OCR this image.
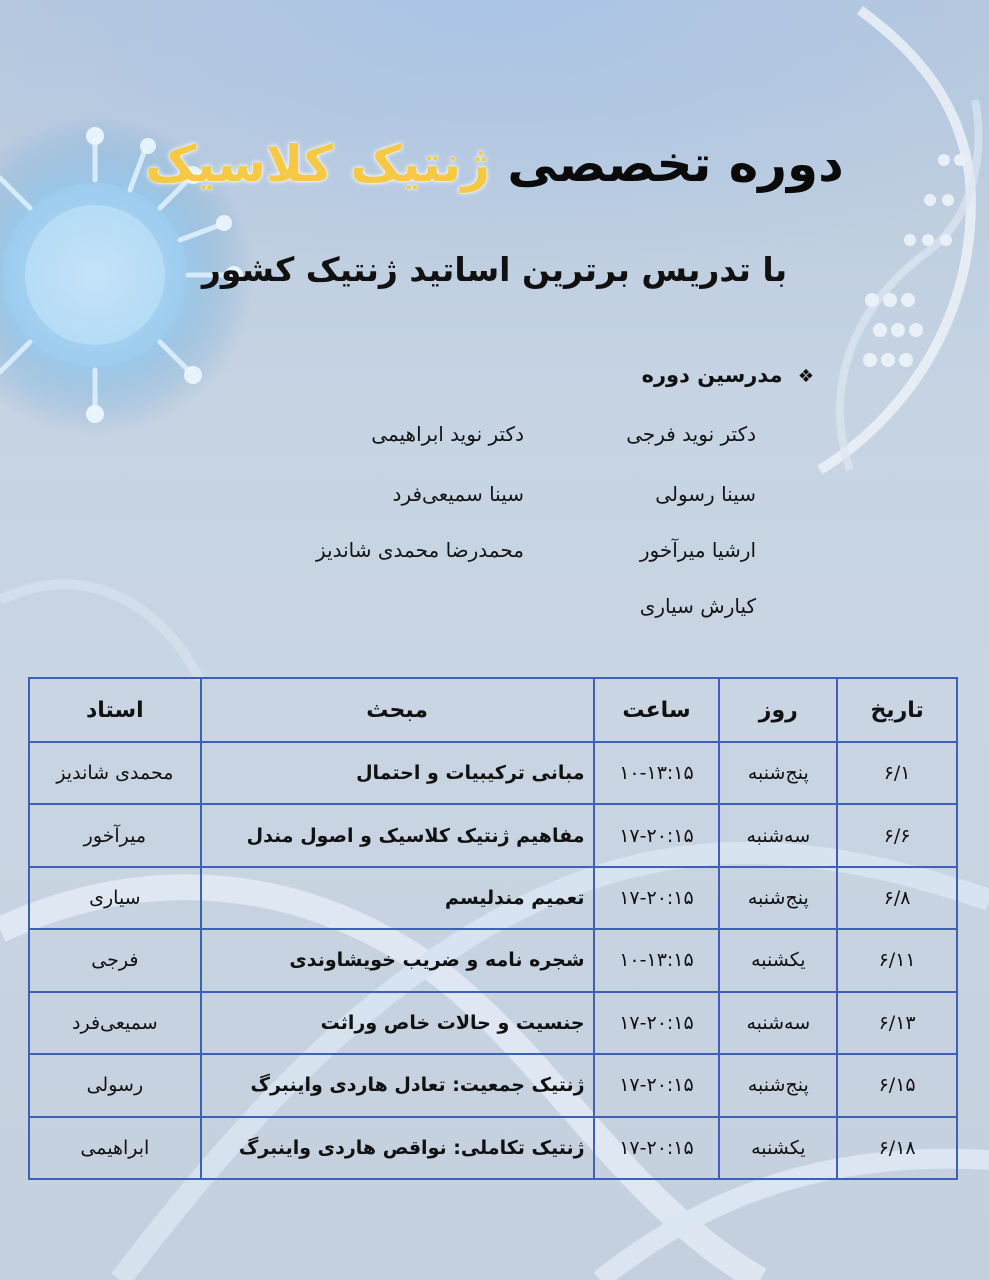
دوره تخصصی ژنتیک کلاسیک
با تدریس برترین اساتید ژنتیک کشور
❖ مدرسین دوره
دکتر نوید فرجی
سینا رسولی
ارشیا میرآخور
کیارش سیاری
دکتر نوید ابراهیمی
سینا سمیعی‌فرد
محمدرضا محمدی شاندیز
تاریخ	روز	ساعت	مبحث	استاد
۶/۱	پنج‌شنبه	۱۰-۱۳:۱۵	مبانی ترکیبیات و احتمال	محمدی شاندیز
۶/۶	سه‌شنبه	۱۷-۲۰:۱۵	مفاهیم ژنتیک کلاسیک و اصول مندل	میرآخور
۶/۸	پنج‌شنبه	۱۷-۲۰:۱۵	تعمیم مندلیسم	سیاری
۶/۱۱	یکشنبه	۱۰-۱۳:۱۵	شجره نامه و ضریب خویشاوندی	فرجی
۶/۱۳	سه‌شنبه	۱۷-۲۰:۱۵	جنسیت و حالات خاص وراثت	سمیعی‌فرد
۶/۱۵	پنج‌شنبه	۱۷-۲۰:۱۵	ژنتیک جمعیت: تعادل هاردی واینبرگ	رسولی
۶/۱۸	یکشنبه	۱۷-۲۰:۱۵	ژنتیک تکاملی: نواقص هاردی واینبرگ	ابراهیمی
